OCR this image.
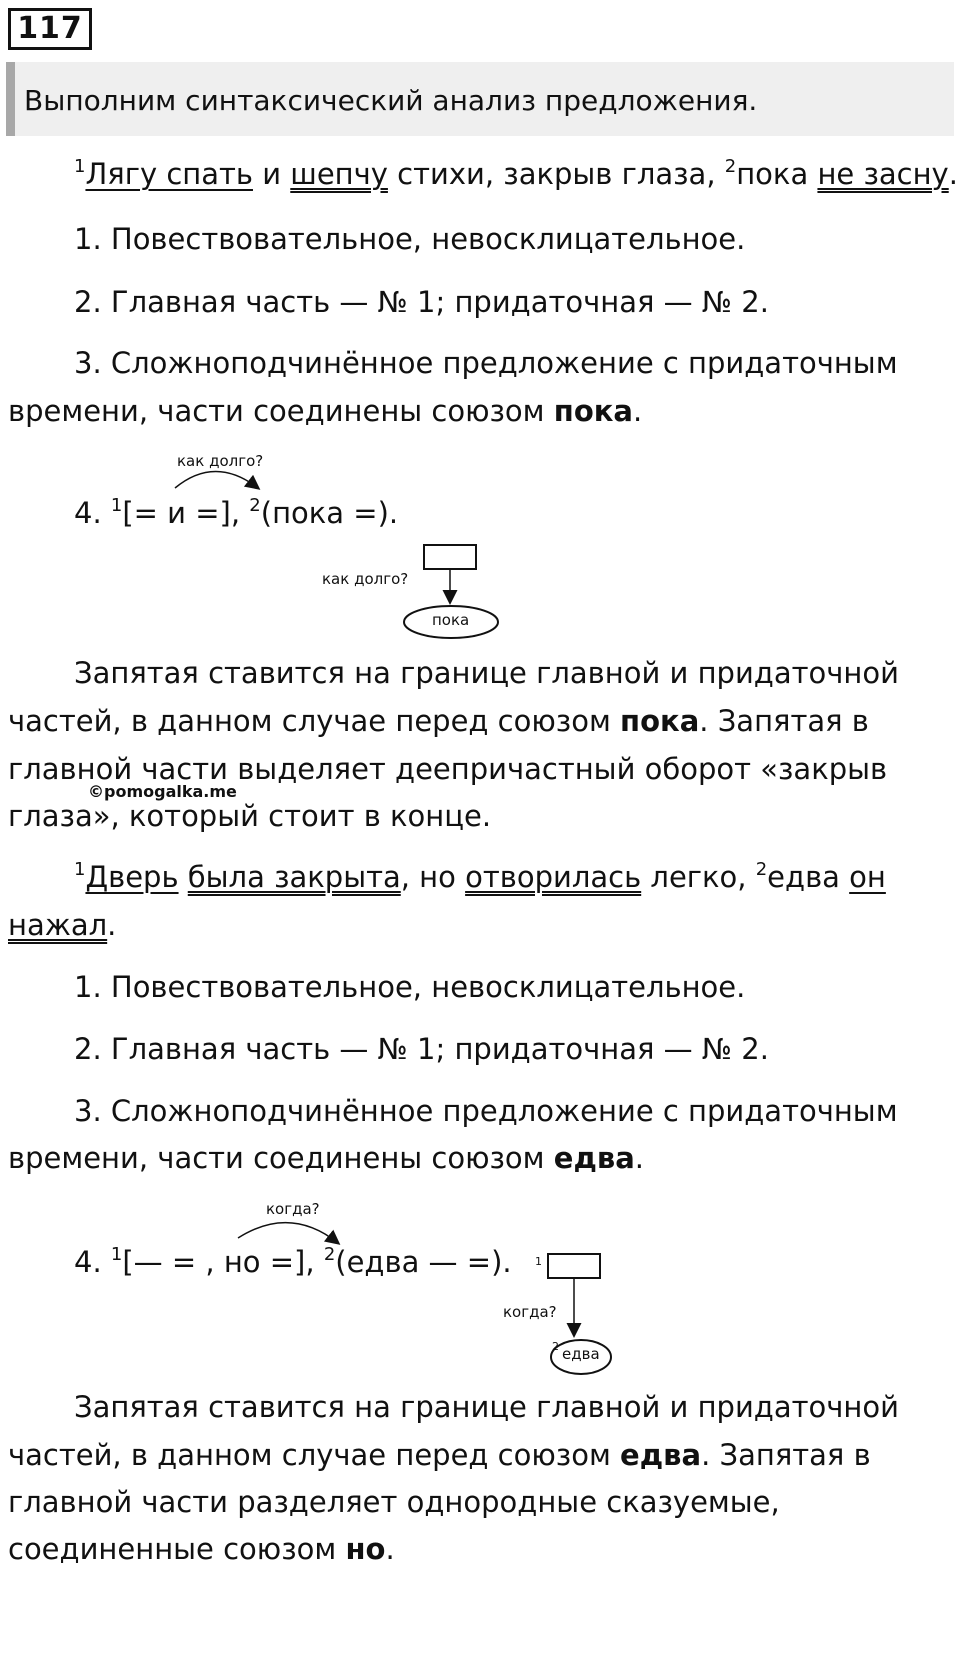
117
Выполним синтаксический анализ предложения.
$^1$Лягу спать и шепчу стихи, закрыв глаза, $^2$пока не засну.
1. Повествовательное, невосклицательное.
2. Главная часть — № 1; придаточная — № 2.
3. Сложноподчинённое предложение с придаточным
времени, части соединены союзом пока.
как долго?
4. $^1$[= и =], $^2$(пока =).
как долго?
пока
Запятая ставится на границе главной и придаточной
частей, в данном случае перед союзом пока. Запятая в
главной части выделяет деепричастный оборот «закрыв
©pomogalka.me
глаза», который стоит в конце.
$^1$Дверь была закрыта, но отворилась легко, $^2$едва он
нажал.
1. Повествовательное, невосклицательное.
2. Главная часть — № 1; придаточная — № 2.
3. Сложноподчинённое предложение с придаточным
времени, части соединены союзом едва.
когда?
4. $^1$[— = , но =], $^2$(едва — =). 1
когда?
2 едва
Запятая ставится на границе главной и придаточной
частей, в данном случае перед союзом едва. Запятая в
главной части разделяет однородные сказуемые,
соединенные союзом но.
